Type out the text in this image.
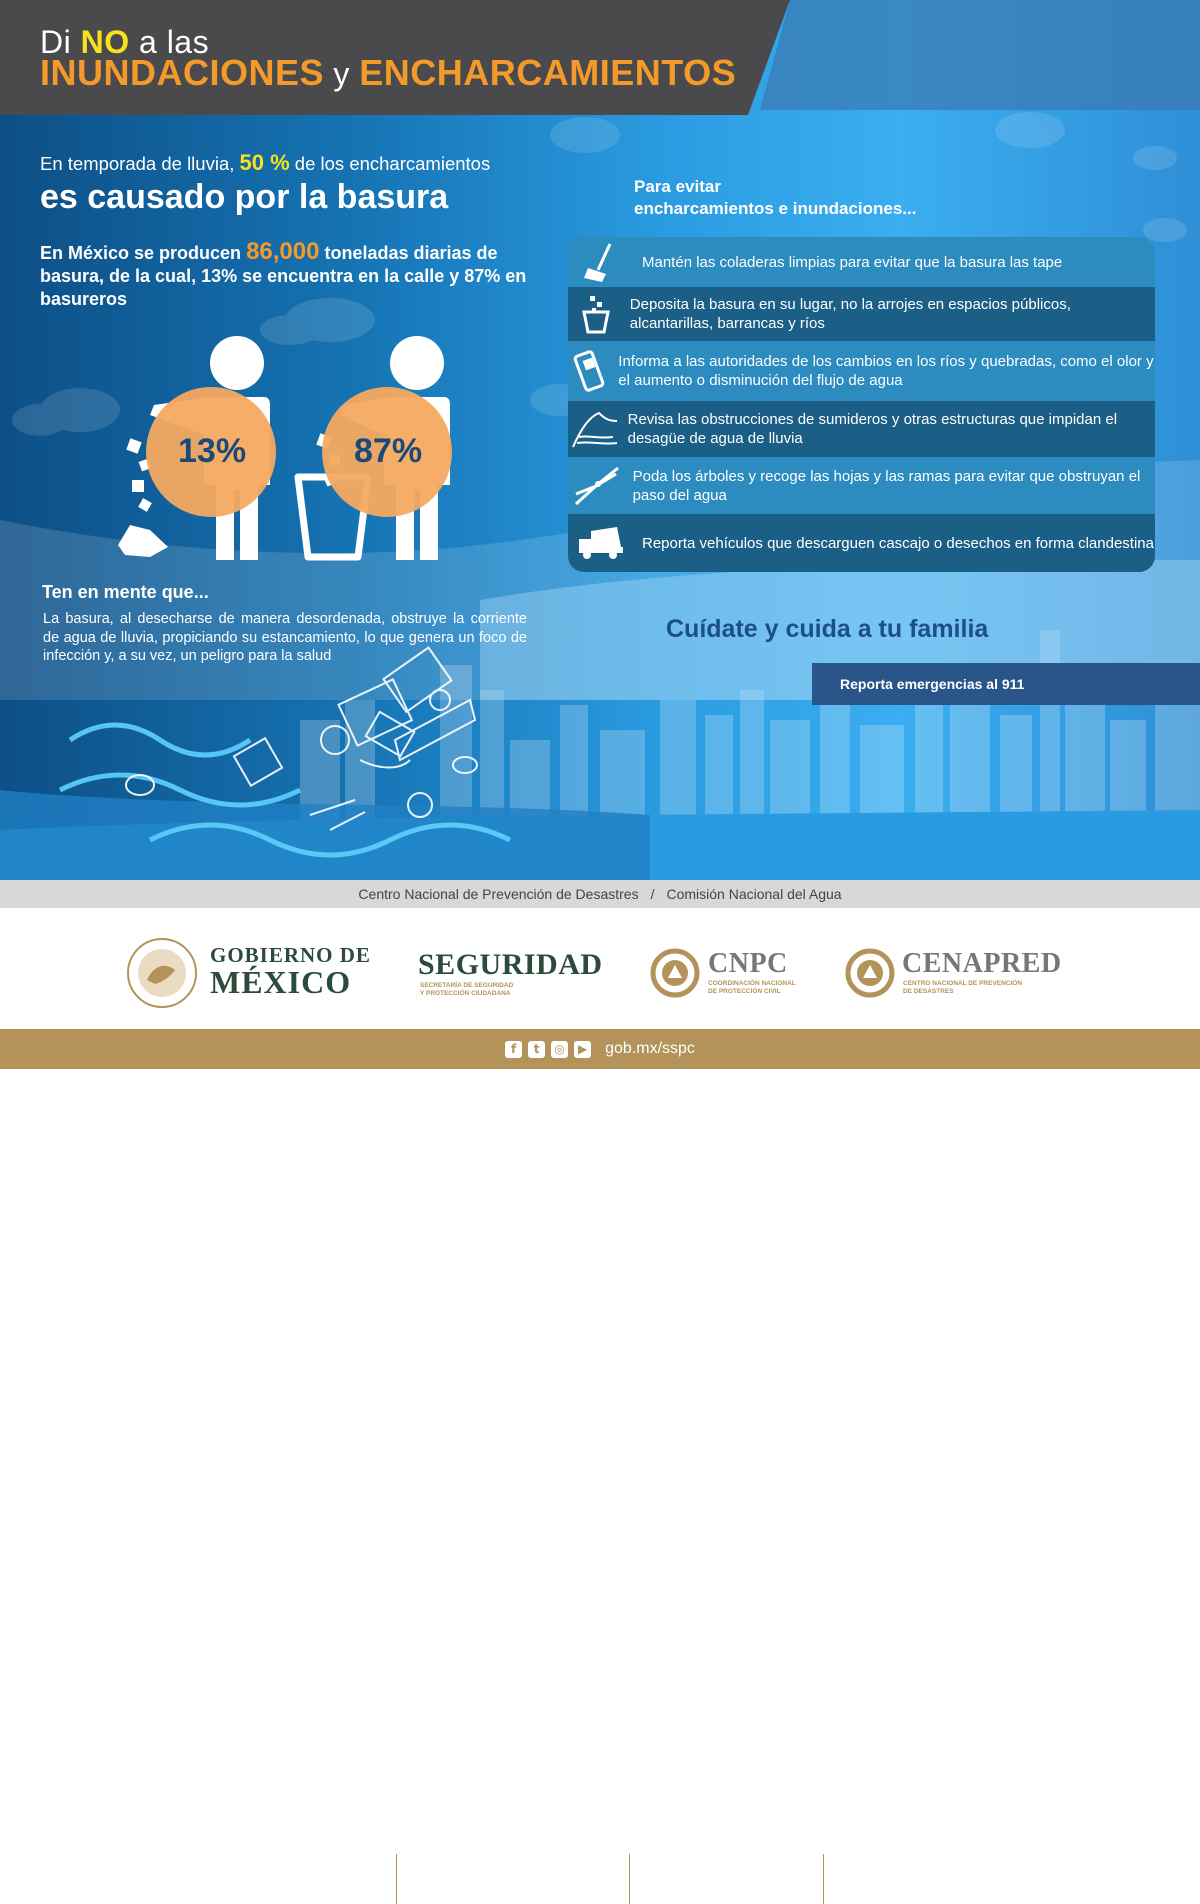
Di NO a las
INUNDACIONES y ENCHARCAMIENTOS
En temporada de lluvia, 50 % de los encharcamientos
es causado por la basura
En México se producen 86,000 toneladas diarias de basura, de la cual, 13% se encuentra en la calle y 87% en basureros
13%	87%
Ten en mente que...
La basura, al desecharse de manera desordenada, obstruye la corriente de agua de lluvia, propiciando su estancamiento, lo que genera un foco de infección y, a su vez, un peligro para la salud
Para evitar
encharcamientos e inundaciones...
Mantén las coladeras limpias para evitar que la basura las tape
Deposita la basura en su lugar, no la arrojes en espacios públicos, alcantarillas, barrancas y ríos
Informa a las autoridades de los cambios en los ríos y quebradas, como el olor y el aumento o disminución del flujo de agua
Revisa las obstrucciones de sumideros y otras estructuras que impidan el desagüe de agua de lluvia
Poda los árboles y recoge las hojas y las ramas para evitar que obstruyan el paso del agua
Reporta vehículos que descarguen cascajo o desechos en forma clandestina
Cuídate y cuida a tu familia
Reporta emergencias al 911
Centro Nacional de Prevención de Desastres / Comisión Nacional del Agua
GOBIERNO DE
MÉXICO SEGURIDAD
SECRETARÍA DE SEGURIDAD
Y PROTECCIÓN CIUDADANA
CNPC
COORDINACIÓN NACIONAL
DE PROTECCIÓN CIVIL
CENAPRED
CENTRO NACIONAL DE PREVENCIÓN
DE DESASTRES
f	t	◎	▶ gob.mx/sspc
